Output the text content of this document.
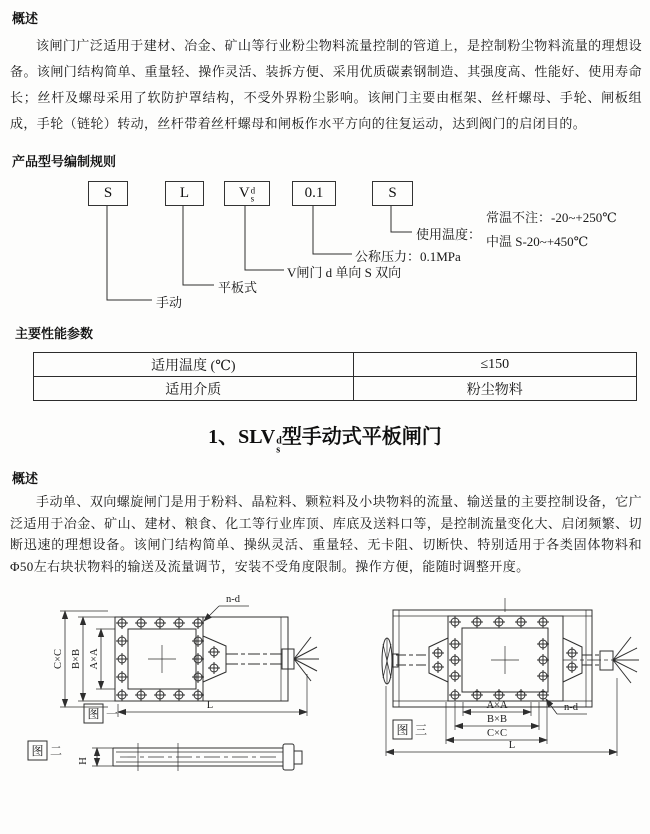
概述
该闸门广泛适用于建材、冶金、矿山等行业粉尘物料流量控制的管道上，是控制粉尘物料流量的理想设备。该闸门结构简单、重量轻、操作灵活、装拆方便、采用优质碳素钢制造、其强度高、性能好、使用寿命长；丝杆及螺母采用了软防护罩结构，不受外界粉尘影响。该闸门主要由框架、丝杆螺母、手轮、闸板组成，手轮（链轮）转动，丝杆带着丝杆螺母和闸板作水平方向的往复运动，达到阀门的启闭目的。
产品型号编制规则
S	L	V d
s	0.1	S
使用温度：
常温不注：-20~+250℃
中温 S-20~+450℃
公称压力：0.1MPa
V闸门 d 单向 S 双向
平板式
手动
主要性能参数
适用温度 (℃)	≤150
适用介质	粉尘物料
1、SLV d
s
型手动式平板闸门
概述
手动单、双向螺旋闸门是用于粉料、晶粒料、颗粒料及小块物料的流量、输送量的主要控制设备，它广泛适用于冶金、矿山、建材、粮食、化工等行业库顶、库底及送料口等，是控制流量变化大、启闭频繁、切断迅速的理想设备。该闸门结构简单、操纵灵活、重量轻、无卡阻、切断快、特别适用于各类固体物料和Φ50左右块状物料的输送及流量调节，安装不受角度限制。操作方便，能随时调整开度。
A×A
B×B
C×C
n-d
L
图 一
图 二
H
A×A
B×B
C×C
L
n-d
图 三
